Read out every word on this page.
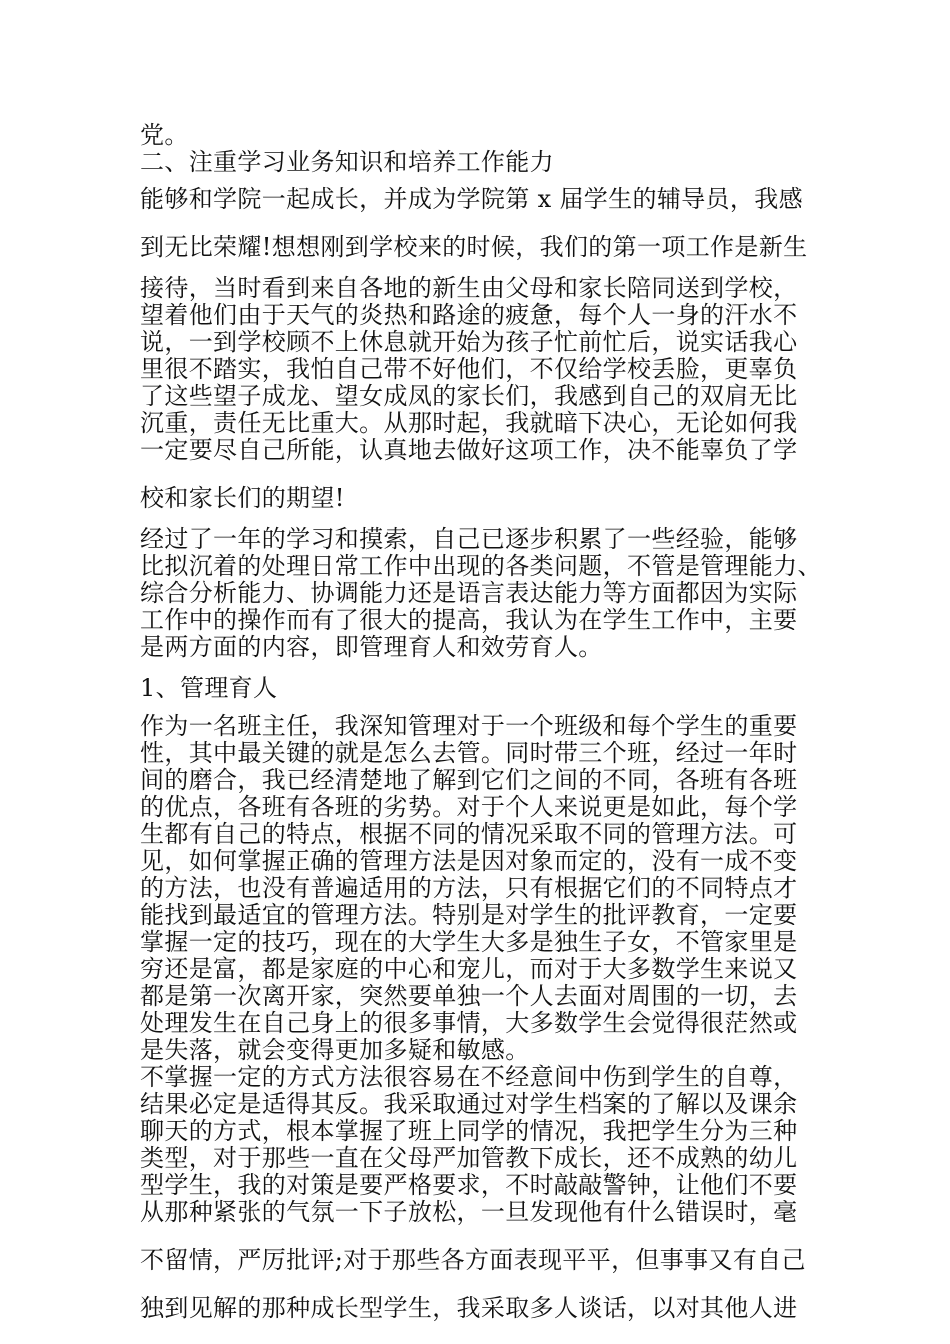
党。
二、注重学习业务知识和培养工作能力
能够和学院一起成长，并成为学院第 x 届学生的辅导员，我感
到无比荣耀!想想刚到学校来的时候，我们的第一项工作是新生
接待，当时看到来自各地的新生由父母和家长陪同送到学校，
望着他们由于天气的炎热和路途的疲惫，每个人一身的汗水不
说，一到学校顾不上休息就开始为孩子忙前忙后，说实话我心
里很不踏实，我怕自己带不好他们，不仅给学校丢脸，更辜负
了这些望子成龙、望女成凤的家长们，我感到自己的双肩无比
沉重，责任无比重大。从那时起，我就暗下决心，无论如何我
一定要尽自己所能，认真地去做好这项工作，决不能辜负了学
校和家长们的期望!
经过了一年的学习和摸索，自己已逐步积累了一些经验，能够
比拟沉着的处理日常工作中出现的各类问题，不管是管理能力、
综合分析能力、协调能力还是语言表达能力等方面都因为实际
工作中的操作而有了很大的提高，我认为在学生工作中，主要
是两方面的内容，即管理育人和效劳育人。
1、管理育人
作为一名班主任，我深知管理对于一个班级和每个学生的重要
性，其中最关键的就是怎么去管。同时带三个班，经过一年时
间的磨合，我已经清楚地了解到它们之间的不同，各班有各班
的优点，各班有各班的劣势。对于个人来说更是如此，每个学
生都有自己的特点，根据不同的情况采取不同的管理方法。可
见，如何掌握正确的管理方法是因对象而定的，没有一成不变
的方法，也没有普遍适用的方法，只有根据它们的不同特点才
能找到最适宜的管理方法。特别是对学生的批评教育，一定要
掌握一定的技巧，现在的大学生大多是独生子女，不管家里是
穷还是富，都是家庭的中心和宠儿，而对于大多数学生来说又
都是第一次离开家，突然要单独一个人去面对周围的一切，去
处理发生在自己身上的很多事情，大多数学生会觉得很茫然或
是失落，就会变得更加多疑和敏感。
不掌握一定的方式方法很容易在不经意间中伤到学生的自尊，
结果必定是适得其反。我采取通过对学生档案的了解以及课余
聊天的方式，根本掌握了班上同学的情况，我把学生分为三种
类型，对于那些一直在父母严加管教下成长，还不成熟的幼儿
型学生，我的对策是要严格要求，不时敲敲警钟，让他们不要
从那种紧张的气氛一下子放松，一旦发现他有什么错误时，毫
不留情，严厉批评;对于那些各方面表现平平，但事事又有自己
独到见解的那种成长型学生，我采取多人谈话，以对其他人进
